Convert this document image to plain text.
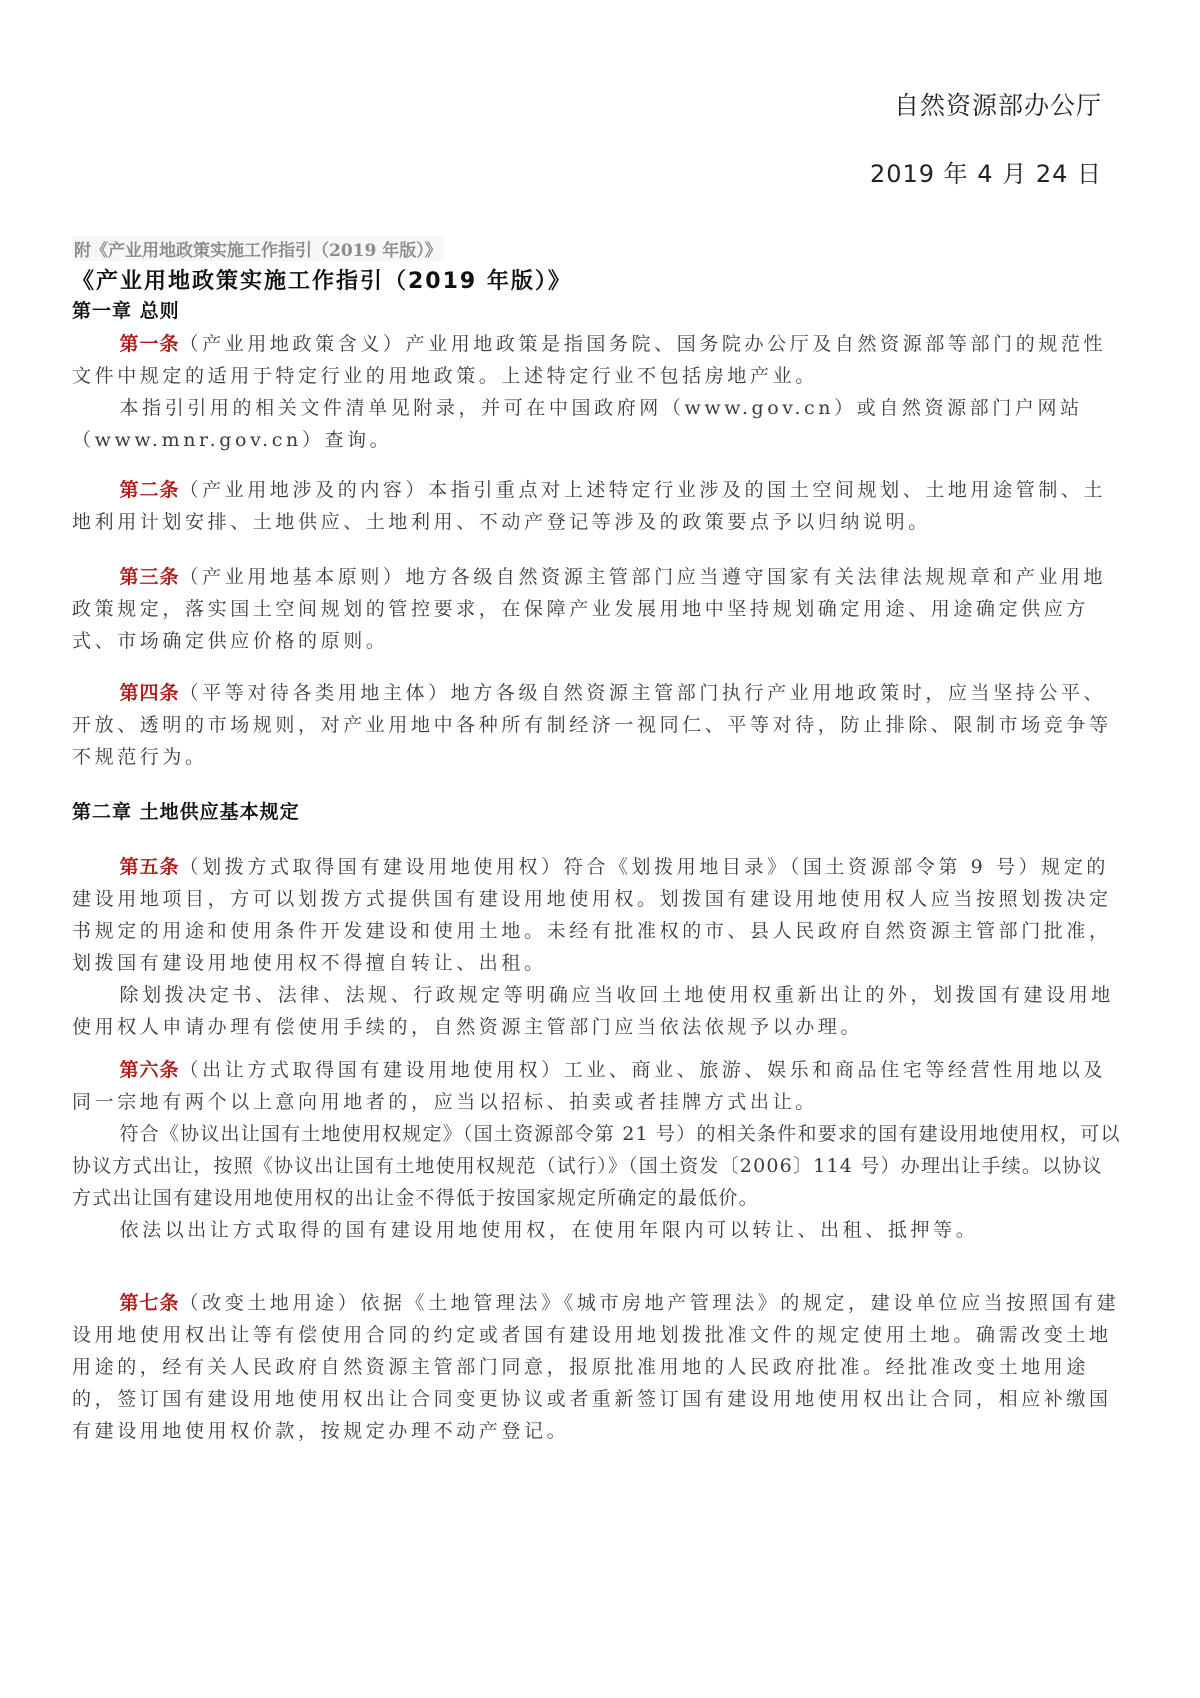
自然资源部办公厅
2019 年 4 月 24 日
附《产业用地政策实施工作指引（2019 年版）》
《产业用地政策实施工作指引（2019 年版）》
第一章 总则

第一条（产业用地政策含义）产业用地政策是指国务院、国务院办公厅及自然资源部等部门的规范性文件中规定的适用于特定行业的用地政策。上述特定行业不包括房地产业。

本指引引用的相关文件清单见附录，并可在中国政府网（www.gov.cn）或自然资源部门户网站（www.mnr.gov.cn）查询。

第二条（产业用地涉及的内容）本指引重点对上述特定行业涉及的国土空间规划、土地用途管制、土地利用计划安排、土地供应、土地利用、不动产登记等涉及的政策要点予以归纳说明。

第三条（产业用地基本原则）地方各级自然资源主管部门应当遵守国家有关法律法规规章和产业用地政策规定，落实国土空间规划的管控要求，在保障产业发展用地中坚持规划确定用途、用途确定供应方式、市场确定供应价格的原则。

第四条（平等对待各类用地主体）地方各级自然资源主管部门执行产业用地政策时，应当坚持公平、开放、透明的市场规则，对产业用地中各种所有制经济一视同仁、平等对待，防止排除、限制市场竞争等不规范行为。

第二章 土地供应基本规定

第五条（划拨方式取得国有建设用地使用权）符合《划拨用地目录》（国土资源部令第 9 号）规定的建设用地项目，方可以划拨方式提供国有建设用地使用权。划拨国有建设用地使用权人应当按照划拨决定书规定的用途和使用条件开发建设和使用土地。未经有批准权的市、县人民政府自然资源主管部门批准，划拨国有建设用地使用权不得擅自转让、出租。

除划拨决定书、法律、法规、行政规定等明确应当收回土地使用权重新出让的外，划拨国有建设用地使用权人申请办理有偿使用手续的，自然资源主管部门应当依法依规予以办理。

第六条（出让方式取得国有建设用地使用权）工业、商业、旅游、娱乐和商品住宅等经营性用地以及同一宗地有两个以上意向用地者的，应当以招标、拍卖或者挂牌方式出让。

符合《协议出让国有土地使用权规定》（国土资源部令第 21 号）的相关条件和要求的国有建设用地使用权，可以协议方式出让，按照《协议出让国有土地使用权规范（试行）》（国土资发〔2006〕114 号）办理出让手续。以协议方式出让国有建设用地使用权的出让金不得低于按国家规定所确定的最低价。

依法以出让方式取得的国有建设用地使用权，在使用年限内可以转让、出租、抵押等。

第七条（改变土地用途）依据《土地管理法》《城市房地产管理法》的规定，建设单位应当按照国有建设用地使用权出让等有偿使用合同的约定或者国有建设用地划拨批准文件的规定使用土地。确需改变土地用途的，经有关人民政府自然资源主管部门同意，报原批准用地的人民政府批准。经批准改变土地用途的，签订国有建设用地使用权出让合同变更协议或者重新签订国有建设用地使用权出让合同，相应补缴国有建设用地使用权价款，按规定办理不动产登记。
